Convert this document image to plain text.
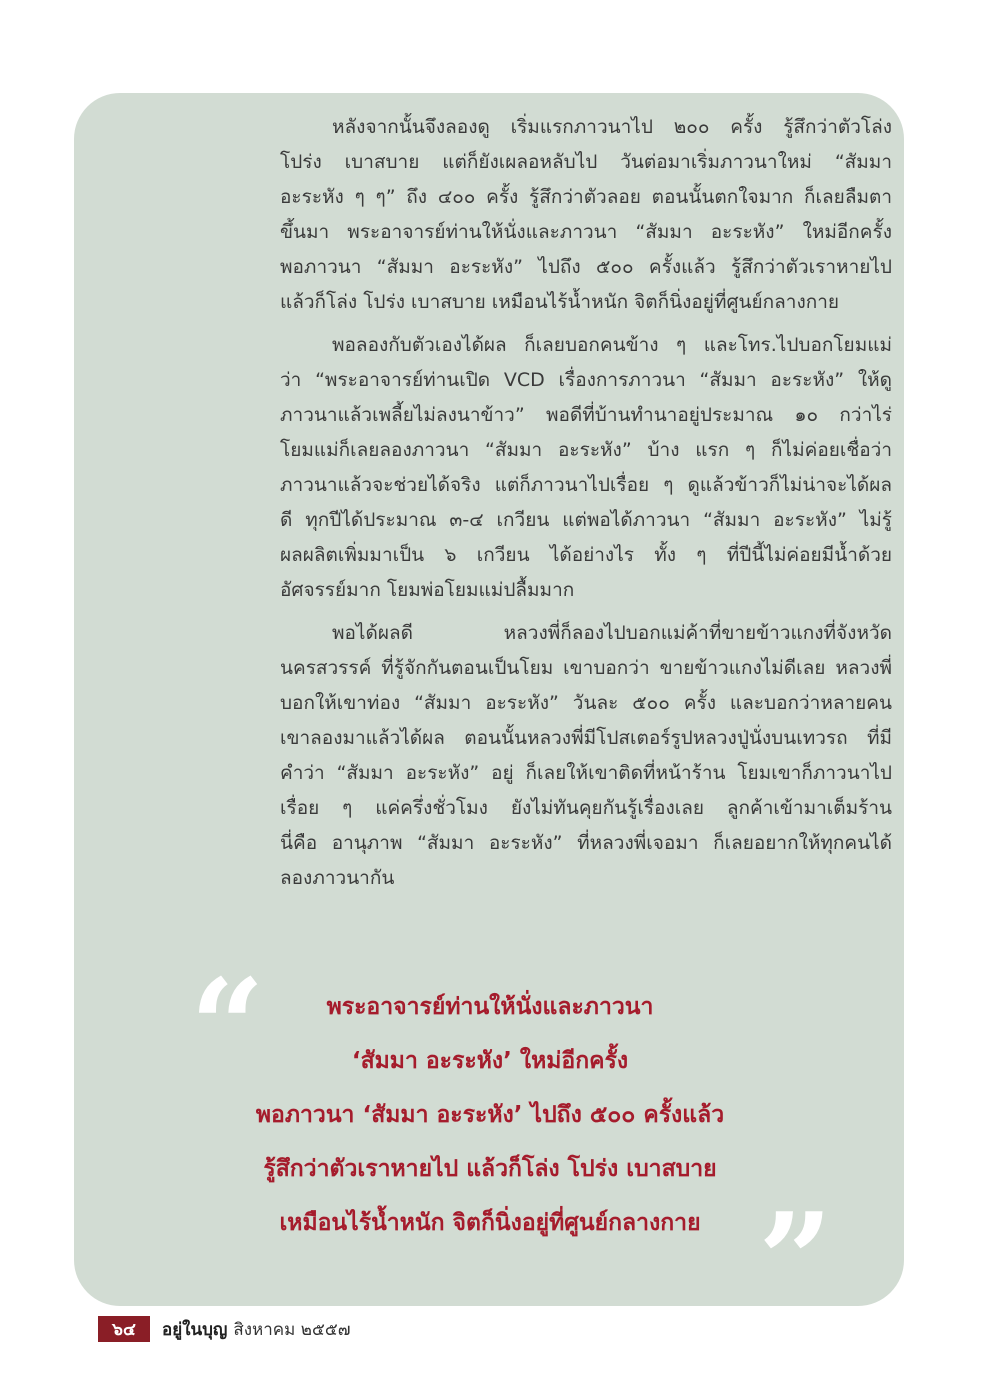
หลังจากนั้นจึงลองดู เริ่มแรกภาวนาไป ๒๐๐ ครั้ง รู้สึกว่าตัวโล่ง
โปร่ง เบาสบาย แต่ก็ยังเผลอหลับไป วันต่อมาเริ่มภาวนาใหม่ “สัมมา
อะระหัง ๆ ๆ” ถึง ๔๐๐ ครั้ง รู้สึกว่าตัวลอย ตอนนั้นตกใจมาก ก็เลยลืมตา
ขึ้นมา พระอาจารย์ท่านให้นั่งและภาวนา “สัมมา อะระหัง” ใหม่อีกครั้ง
พอภาวนา “สัมมา อะระหัง” ไปถึง ๕๐๐ ครั้งแล้ว รู้สึกว่าตัวเราหายไป
แล้วก็โล่ง โปร่ง เบาสบาย เหมือนไร้น้ำหนัก จิตก็นิ่งอยู่ที่ศูนย์กลางกาย

พอลองกับตัวเองได้ผล ก็เลยบอกคนข้าง ๆ และโทร.ไปบอกโยมแม่
ว่า “พระอาจารย์ท่านเปิด VCD เรื่องการภาวนา “สัมมา อะระหัง” ให้ดู
ภาวนาแล้วเพลี้ยไม่ลงนาข้าว” พอดีที่บ้านทำนาอยู่ประมาณ ๑๐ กว่าไร่
โยมแม่ก็เลยลองภาวนา “สัมมา อะระหัง” บ้าง แรก ๆ ก็ไม่ค่อยเชื่อว่า
ภาวนาแล้วจะช่วยได้จริง แต่ก็ภาวนาไปเรื่อย ๆ ดูแล้วข้าวก็ไม่น่าจะได้ผล
ดี ทุกปีได้ประมาณ ๓-๔ เกวียน แต่พอได้ภาวนา “สัมมา อะระหัง” ไม่รู้
ผลผลิตเพิ่มมาเป็น ๖ เกวียน ได้อย่างไร ทั้ง ๆ ที่ปีนี้ไม่ค่อยมีน้ำด้วย
อัศจรรย์มาก โยมพ่อโยมแม่ปลื้มมาก

พอได้ผลดี หลวงพี่ก็ลองไปบอกแม่ค้าที่ขายข้าวแกงที่จังหวัด
นครสวรรค์ ที่รู้จักกันตอนเป็นโยม เขาบอกว่า ขายข้าวแกงไม่ดีเลย หลวงพี่
บอกให้เขาท่อง “สัมมา อะระหัง” วันละ ๕๐๐ ครั้ง และบอกว่าหลายคน
เขาลองมาแล้วได้ผล ตอนนั้นหลวงพี่มีโปสเตอร์รูปหลวงปู่นั่งบนเทวรถ ที่มี
คำว่า “สัมมา อะระหัง” อยู่ ก็เลยให้เขาติดที่หน้าร้าน โยมเขาก็ภาวนาไป
เรื่อย ๆ แค่ครึ่งชั่วโมง ยังไม่ทันคุยกันรู้เรื่องเลย ลูกค้าเข้ามาเต็มร้าน
นี่คือ อานุภาพ “สัมมา อะระหัง” ที่หลวงพี่เจอมา ก็เลยอยากให้ทุกคนได้
ลองภาวนากัน

“	พระอาจารย์ท่านให้นั่งและภาวนา
‘สัมมา อะระหัง’ ใหม่อีกครั้ง
พอภาวนา ‘สัมมา อะระหัง’ ไปถึง ๕๐๐ ครั้งแล้ว
รู้สึกว่าตัวเราหายไป แล้วก็โล่ง โปร่ง เบาสบาย
เหมือนไร้น้ำหนัก จิตก็นิ่งอยู่ที่ศูนย์กลางกาย ”
๖๔	อยู่ในบุญ สิงหาคม ๒๕๕๗
